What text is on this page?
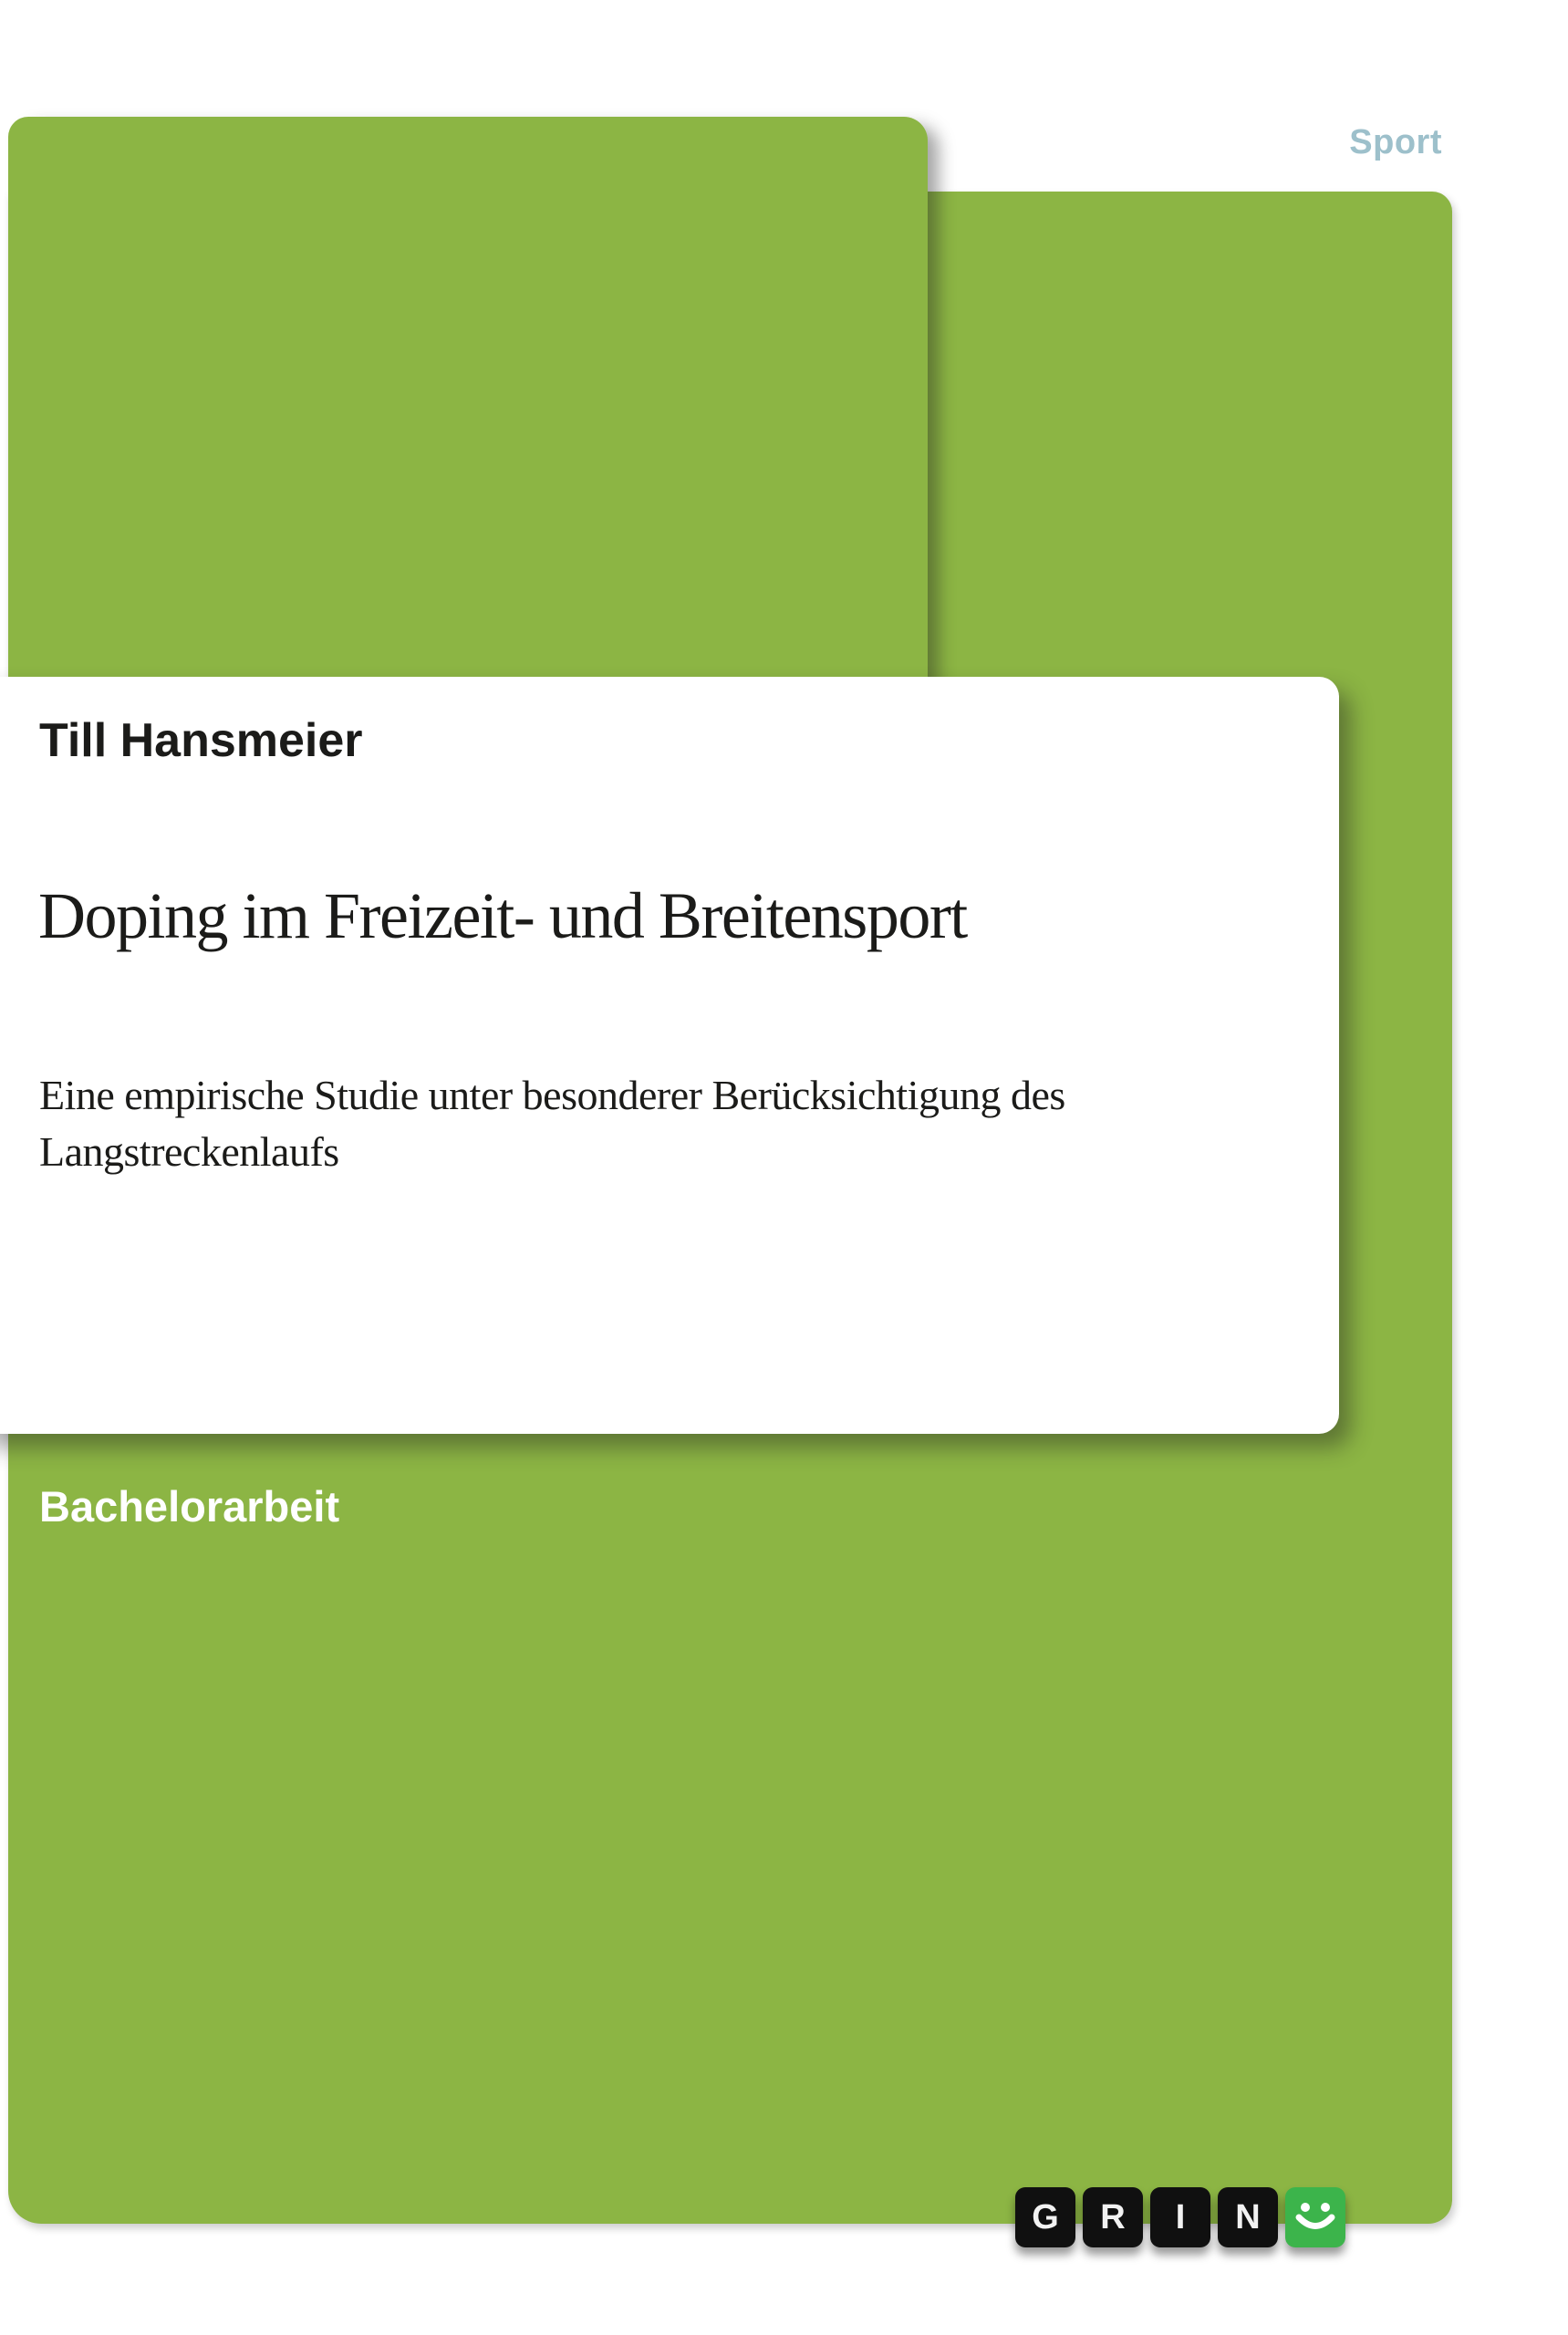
Sport
Till Hansmeier
Doping im Freizeit- und Breitensport
Eine empirische Studie unter besonderer Berücksichtigung des Langstreckenlaufs
Bachelorarbeit
G	R	I	N
